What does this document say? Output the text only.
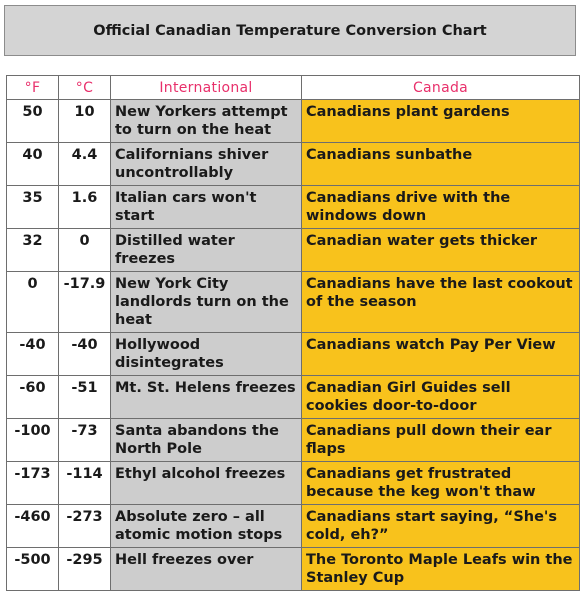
Official Canadian Temperature Conversion Chart
°F	°C	International	Canada
50	10	New Yorkers attempt to turn on the heat	Canadians plant gardens
40	4.4	Californians shiver uncontrollably	Canadians sunbathe
35	1.6	Italian cars won't start	Canadians drive with the windows down
32	0	Distilled water freezes	Canadian water gets thicker
0	-17.9	New York City landlords turn on the heat	Canadians have the last cookout of the season
-40	-40	Hollywood disintegrates	Canadians watch Pay Per View
-60	-51	Mt. St. Helens freezes	Canadian Girl Guides sell cookies door-to-door
-100	-73	Santa abandons the North Pole	Canadians pull down their ear flaps
-173	-114	Ethyl alcohol freezes	Canadians get frustrated because the keg won't thaw
-460	-273	Absolute zero – all atomic motion stops	Canadians start saying, “She's cold, eh?”
-500	-295	Hell freezes over	The Toronto Maple Leafs win the Stanley Cup
